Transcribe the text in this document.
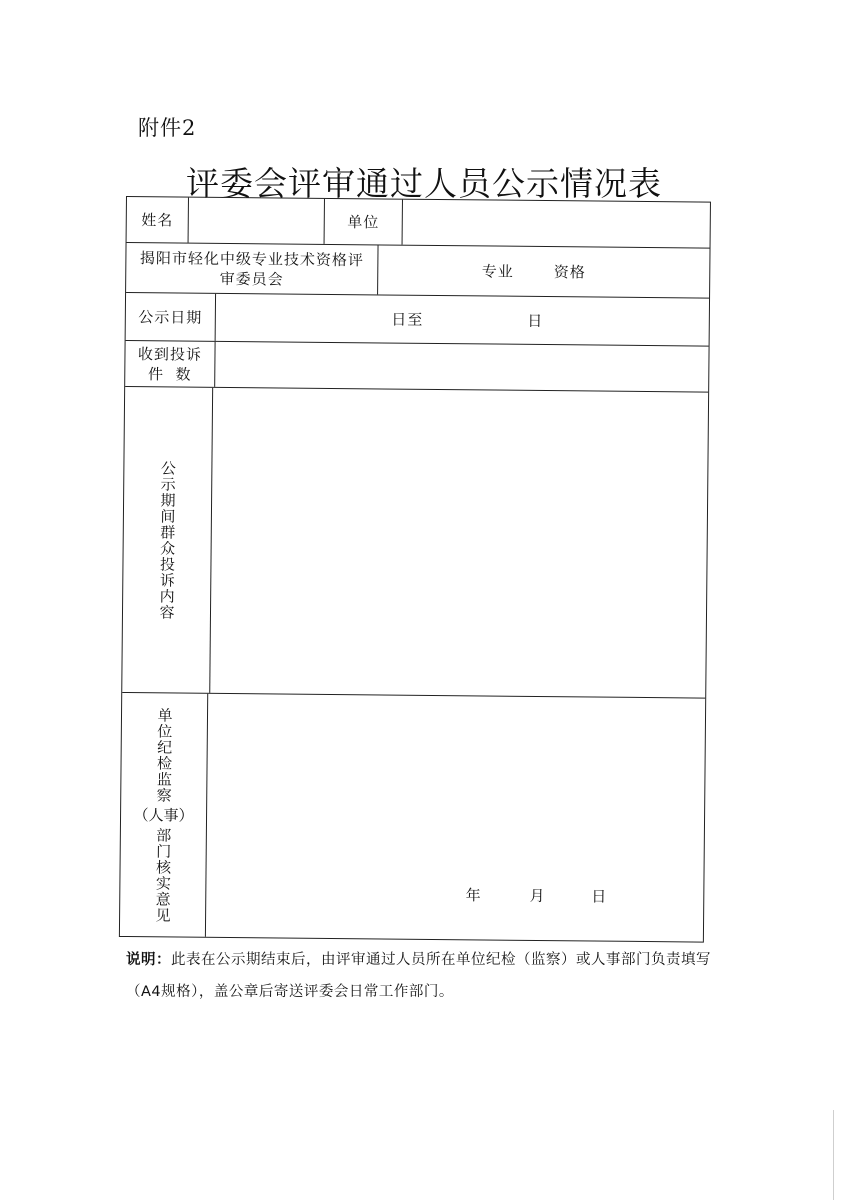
附件2
评委会评审通过人员公示情况表
姓名	单位
揭阳市轻化中级专业技术资格评
审委员会	专业	资格
公示日期	日至	日
收到投诉
件  数
公示期间群众投诉内容
单位纪检监察
（人事）
部门核实意见	年	月	日
说明：此表在公示期结束后，由评审通过人员所在单位纪检（监察）或人事部门负责填写（A4规格），盖公章后寄送评委会日常工作部门。
